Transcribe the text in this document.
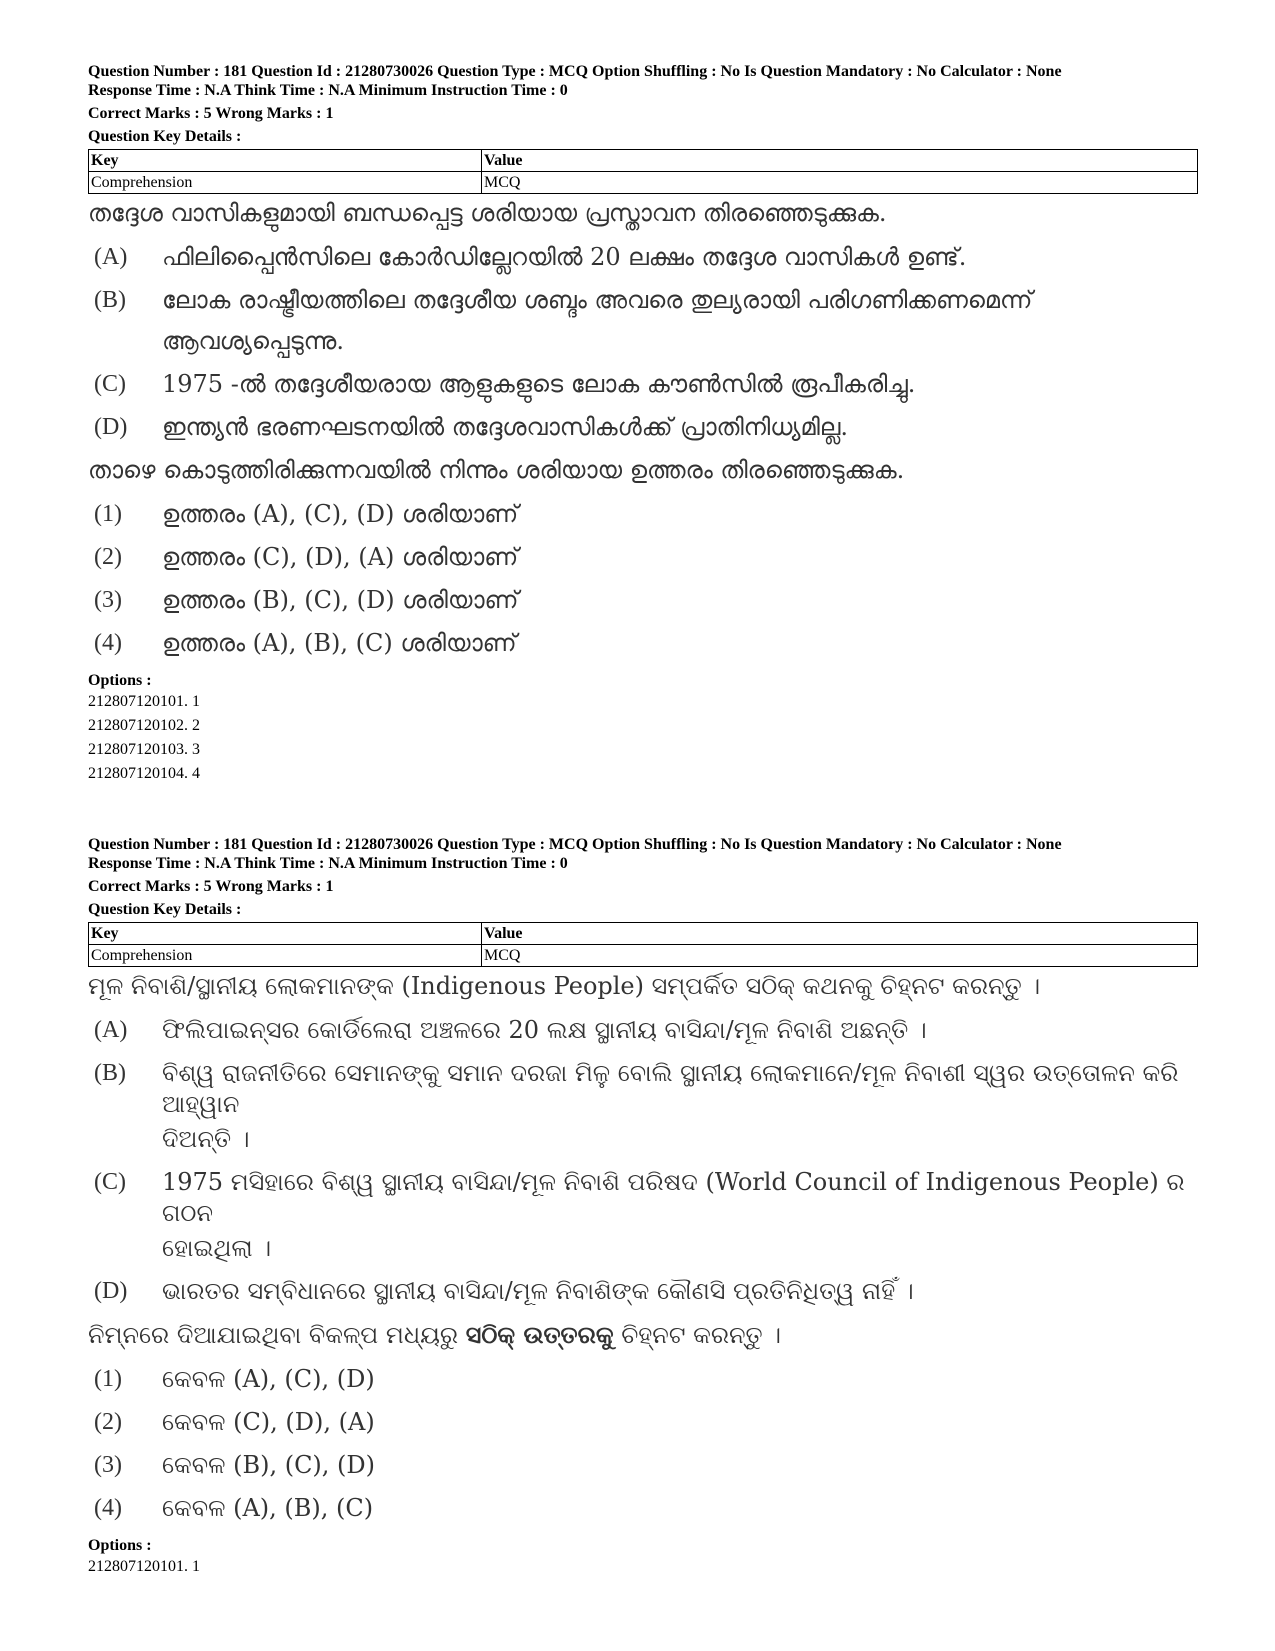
Question Number : 181 Question Id : 21280730026 Question Type : MCQ Option Shuffling : No Is Question Mandatory : No Calculator : None

Response Time : N.A Think Time : N.A Minimum Instruction Time : 0

Correct Marks : 5 Wrong Marks : 1

Question Key Details :

Key	Value
Comprehension	MCQ

തദ്ദേശ വാസികളുമായി ബന്ധപ്പെട്ട ശരിയായ പ്രസ്താവന തിരഞ്ഞെടുക്കുക.

(A)	ഫിലിപ്പൈൻസിലെ കോർഡില്ലേറയിൽ 20 ലക്ഷം തദ്ദേശ വാസികൾ ഉണ്ട്.
(B)	ലോക രാഷ്ട്രീയത്തിലെ തദ്ദേശീയ ശബ്ദം അവരെ തുല്യരായി പരിഗണിക്കണമെന്ന്
ആവശ്യപ്പെടുന്നു.
(C)	1975 -ൽ തദ്ദേശീയരായ ആളുകളുടെ ലോക കൗൺസിൽ രൂപീകരിച്ചു.
(D)	ഇന്ത്യൻ ഭരണഘടനയിൽ തദ്ദേശവാസികൾക്ക് പ്രാതിനിധ്യമില്ല.

താഴെ കൊടുത്തിരിക്കുന്നവയിൽ നിന്നും ശരിയായ ഉത്തരം തിരഞ്ഞെടുക്കുക.

(1)	ഉത്തരം (A), (C), (D) ശരിയാണ്
(2)	ഉത്തരം (C), (D), (A) ശരിയാണ്
(3)	ഉത്തരം (B), (C), (D) ശരിയാണ്
(4)	ഉത്തരം (A), (B), (C) ശരിയാണ്
Options :
212807120101. 1
212807120102. 2
212807120103. 3
212807120104. 4

Question Number : 181 Question Id : 21280730026 Question Type : MCQ Option Shuffling : No Is Question Mandatory : No Calculator : None

Response Time : N.A Think Time : N.A Minimum Instruction Time : 0

Correct Marks : 5 Wrong Marks : 1

Question Key Details :

Key	Value
Comprehension	MCQ

ମୂଳ ନିବାଶି/ସ୍ଥାନୀୟ ଲୋକମାନଙ୍କ (Indigenous People) ସମ୍ପର୍କିତ ସଠିକ୍ କଥନକୁ ଚିହ୍ନଟ କରନ୍ତୁ ।

(A)	ଫିଲିପାଇନ୍ସର କୋର୍ଡିଲେରା ଅଞ୍ଚଳରେ 20 ଲକ୍ଷ ସ୍ଥାନୀୟ ବାସିନ୍ଦା/ମୂଳ ନିବାଶି ଅଛନ୍ତି ।
(B)	ବିଶ୍ୱ ରାଜନୀତିରେ ସେମାନଙ୍କୁ ସମାନ ଦରଜା ମିଳୁ ବୋଲି ସ୍ଥାନୀୟ ଲୋକମାନେ/ମୂଳ ନିବାଶୀ ସ୍ୱର ଉତ୍ତୋଳନ କରି ଆହ୍ୱାନ
ଦିଅନ୍ତି ।
(C)	1975 ମସିହାରେ ବିଶ୍ୱ ସ୍ଥାନୀୟ ବାସିନ୍ଦା/ମୂଳ ନିବାଶି ପରିଷଦ (World Council of Indigenous People) ର ଗଠନ
ହୋଇଥିଲା ।
(D)	ଭାରତର ସମ୍ବିଧାନରେ ସ୍ଥାନୀୟ ବାସିନ୍ଦା/ମୂଳ ନିବାଶିଙ୍କ କୌଣସି ପ୍ରତିନିଧିତ୍ୱ ନାହିଁ ।

ନିମ୍ନରେ ଦିଆଯାଇଥିବା ବିକଳ୍ପ ମଧ୍ୟରୁ ସଠିକ୍ ଉତ୍ତରକୁ ଚିହ୍ନଟ କରନ୍ତୁ ।

(1)	କେବଳ (A), (C), (D)
(2)	କେବଳ (C), (D), (A)
(3)	କେବଳ (B), (C), (D)
(4)	କେବଳ (A), (B), (C)
Options :
212807120101. 1
